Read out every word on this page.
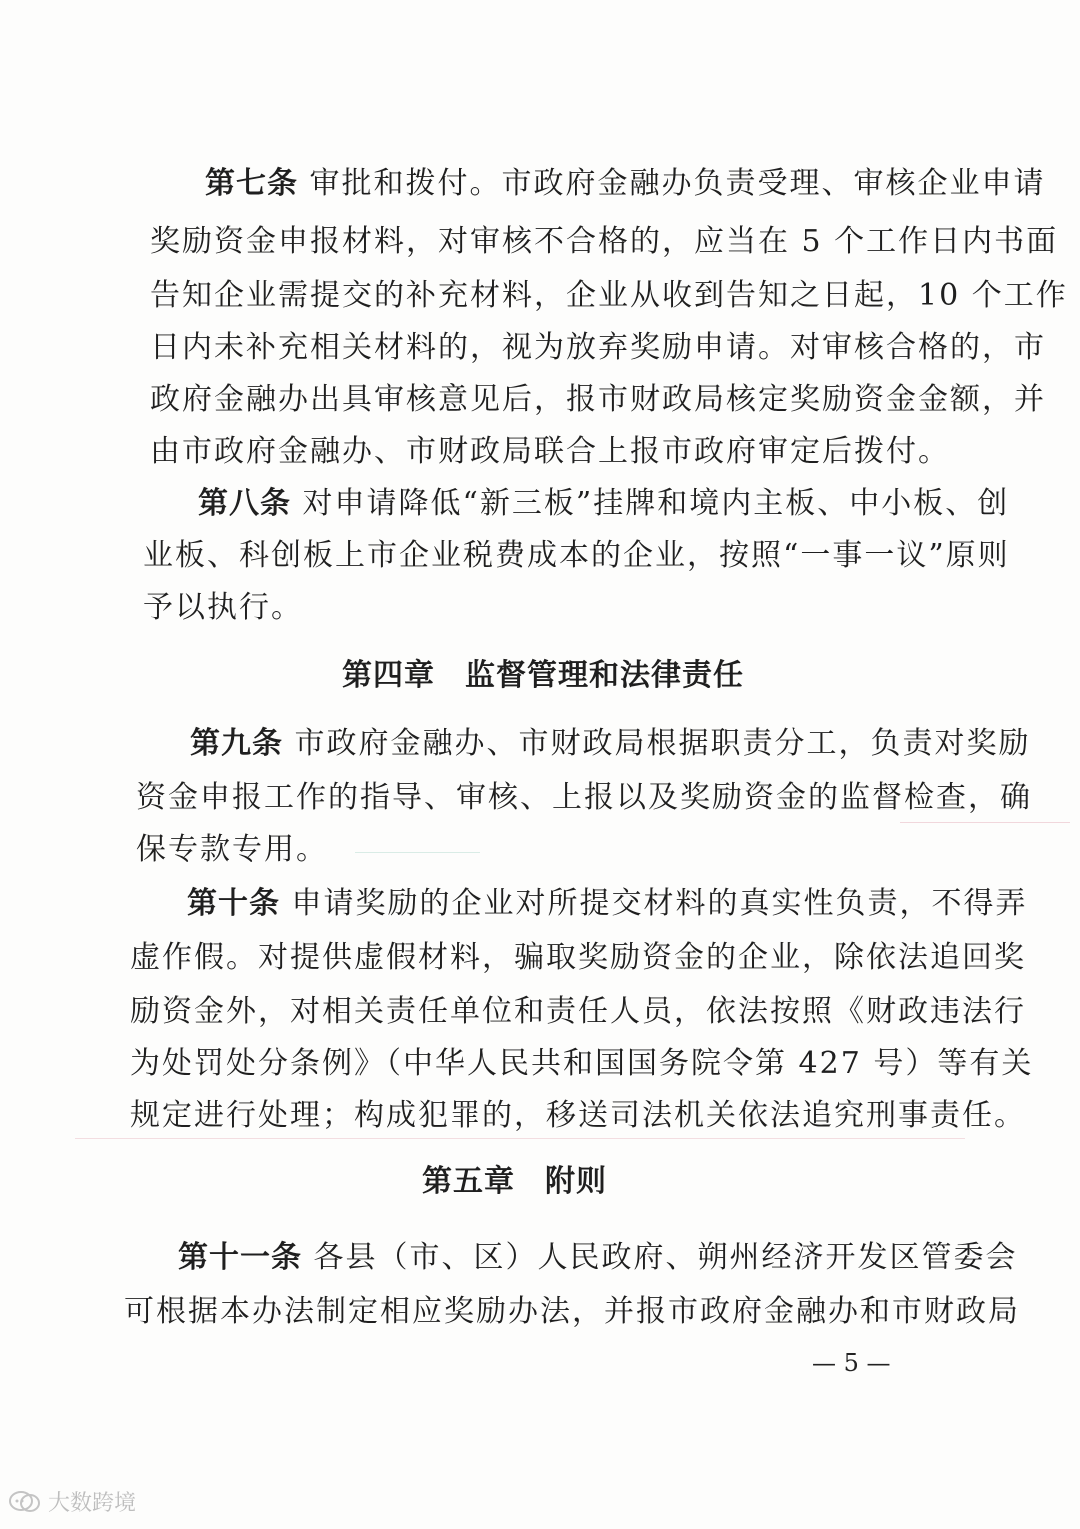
第七条 审批和拨付。市政府金融办负责受理、审核企业申请
奖励资金申报材料，对审核不合格的，应当在 5 个工作日内书面
告知企业需提交的补充材料，企业从收到告知之日起，10 个工作
日内未补充相关材料的，视为放弃奖励申请。对审核合格的，市
政府金融办出具审核意见后，报市财政局核定奖励资金金额，并
由市政府金融办、市财政局联合上报市政府审定后拨付。
第八条 对申请降低“新三板”挂牌和境内主板、中小板、创
业板、科创板上市企业税费成本的企业，按照“一事一议”原则
予以执行。
第四章 监督管理和法律责任
第九条 市政府金融办、市财政局根据职责分工，负责对奖励
资金申报工作的指导、审核、上报以及奖励资金的监督检查，确
保专款专用。
第十条 申请奖励的企业对所提交材料的真实性负责，不得弄
虚作假。对提供虚假材料，骗取奖励资金的企业，除依法追回奖
励资金外，对相关责任单位和责任人员，依法按照《财政违法行
为处罚处分条例》（中华人民共和国国务院令第 427 号）等有关
规定进行处理；构成犯罪的，移送司法机关依法追究刑事责任。
第五章 附则
第十一条 各县（市、区）人民政府、朔州经济开发区管委会
可根据本办法制定相应奖励办法，并报市政府金融办和市财政局
— 5 —
大数跨境
